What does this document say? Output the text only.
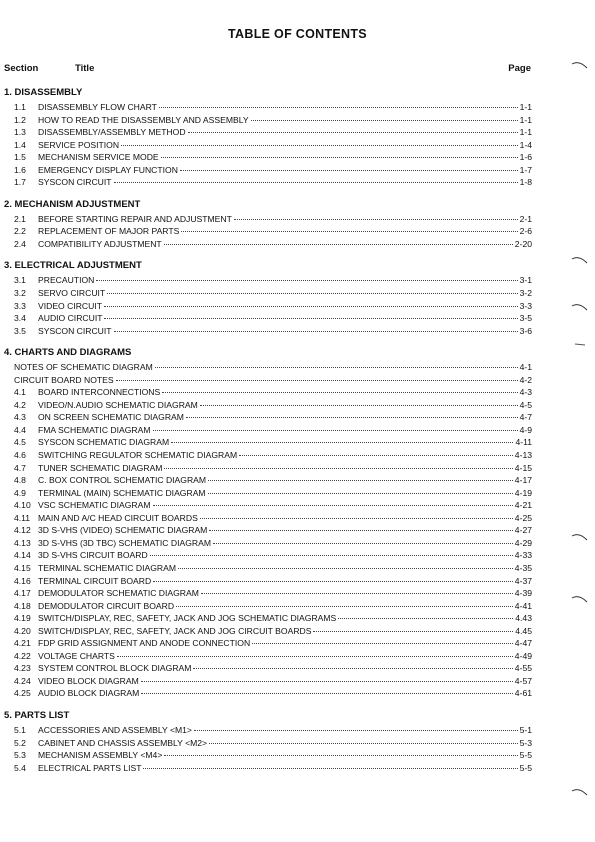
TABLE OF CONTENTS
Section	Title	Page
1. DISASSEMBLY
1.1	DISASSEMBLY FLOW CHART	1-1
1.2	HOW TO READ THE DISASSEMBLY AND ASSEMBLY	1-1
1.3	DISASSEMBLY/ASSEMBLY METHOD	1-1
1.4	SERVICE POSITION	1-4
1.5	MECHANISM SERVICE MODE	1-6
1.6	EMERGENCY DISPLAY FUNCTION	1-7
1.7	SYSCON CIRCUIT	1-8
2. MECHANISM ADJUSTMENT
2.1	BEFORE STARTING REPAIR AND ADJUSTMENT	2-1
2.2	REPLACEMENT OF MAJOR PARTS	2-6
2.4	COMPATIBILITY ADJUSTMENT	2-20
3. ELECTRICAL ADJUSTMENT
3.1	PRECAUTION	3-1
3.2	SERVO CIRCUIT	3-2
3.3	VIDEO CIRCUIT	3-3
3.4	AUDIO CIRCUIT	3-5
3.5	SYSCON CIRCUIT	3-6
4. CHARTS AND DIAGRAMS
NOTES OF SCHEMATIC DIAGRAM	4-1
CIRCUIT BOARD NOTES	4-2
4.1	BOARD INTERCONNECTIONS	4-3
4.2	VIDEO/N.AUDIO SCHEMATIC DIAGRAM	4-5
4.3	ON SCREEN SCHEMATIC DIAGRAM	4-7
4.4	FMA SCHEMATIC DIAGRAM	4-9
4.5	SYSCON SCHEMATIC DIAGRAM	4-11
4.6	SWITCHING REGULATOR SCHEMATIC DIAGRAM	4-13
4.7	TUNER SCHEMATIC DIAGRAM	4-15
4.8	C. BOX CONTROL SCHEMATIC DIAGRAM	4-17
4.9	TERMINAL (MAIN) SCHEMATIC DIAGRAM	4-19
4.10 VSC SCHEMATIC DIAGRAM	4-21
4.11 MAIN AND A/C HEAD CIRCUIT BOARDS	4-25
4.12 3D S-VHS (VIDEO) SCHEMATIC DIAGRAM	4-27
4.13 3D S-VHS (3D TBC) SCHEMATIC DIAGRAM	4-29
4.14 3D S-VHS CIRCUIT BOARD	4-33
4.15 TERMINAL SCHEMATIC DIAGRAM	4-35
4.16 TERMINAL CIRCUIT BOARD	4-37
4.17 DEMODULATOR SCHEMATIC DIAGRAM	4-39
4.18 DEMODULATOR CIRCUIT BOARD	4-41
4.19 SWITCH/DISPLAY, REC, SAFETY, JACK AND JOG SCHEMATIC DIAGRAMS	4.43
4.20 SWITCH/DISPLAY, REC, SAFETY, JACK AND JOG CIRCUIT BOARDS	4.45
4.21 FDP GRID ASSIGNMENT AND ANODE CONNECTION	4-47
4.22 VOLTAGE CHARTS	4-49
4.23 SYSTEM CONTROL BLOCK DIAGRAM	4-55
4.24 VIDEO BLOCK DIAGRAM	4-57
4.25 AUDIO BLOCK DIAGRAM	4-61
5. PARTS LIST
5.1	ACCESSORIES AND ASSEMBLY <M1>	5-1
5.2	CABINET AND CHASSIS ASSEMBLY <M2>	5-3
5.3	MECHANISM ASSEMBLY <M4>	5-5
5.4	ELECTRICAL PARTS LIST	5-5
